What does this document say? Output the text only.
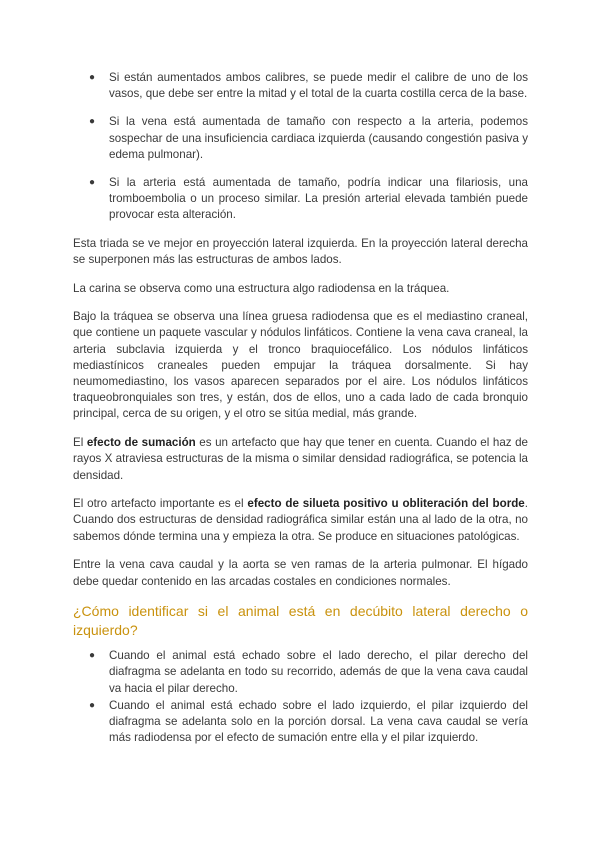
● Si están aumentados ambos calibres, se puede medir el calibre de uno de los vasos, que debe ser entre la mitad y el total de la cuarta costilla cerca de la base.
● Si la vena está aumentada de tamaño con respecto a la arteria, podemos sospechar de una insuficiencia cardiaca izquierda (causando congestión pasiva y edema pulmonar).
● Si la arteria está aumentada de tamaño, podría indicar una filariosis, una tromboembolia o un proceso similar. La presión arterial elevada también puede provocar esta alteración.

Esta triada se ve mejor en proyección lateral izquierda. En la proyección lateral derecha se superponen más las estructuras de ambos lados.

La carina se observa como una estructura algo radiodensa en la tráquea.

Bajo la tráquea se observa una línea gruesa radiodensa que es el mediastino craneal, que contiene un paquete vascular y nódulos linfáticos. Contiene la vena cava craneal, la arteria subclavia izquierda y el tronco braquiocefálico. Los nódulos linfáticos mediastínicos craneales pueden empujar la tráquea dorsalmente. Si hay neumomediastino, los vasos aparecen separados por el aire. Los nódulos linfáticos traqueobronquiales son tres, y están, dos de ellos, uno a cada lado de cada bronquio principal, cerca de su origen, y el otro se sitúa medial, más grande.

El efecto de sumación es un artefacto que hay que tener en cuenta. Cuando el haz de rayos X atraviesa estructuras de la misma o similar densidad radiográfica, se potencia la densidad.

El otro artefacto importante es el efecto de silueta positivo u obliteración del borde. Cuando dos estructuras de densidad radiográfica similar están una al lado de la otra, no sabemos dónde termina una y empieza la otra. Se produce en situaciones patológicas.

Entre la vena cava caudal y la aorta se ven ramas de la arteria pulmonar. El hígado debe quedar contenido en las arcadas costales en condiciones normales.

¿Cómo identificar si el animal está en decúbito lateral derecho o izquierdo?
● Cuando el animal está echado sobre el lado derecho, el pilar derecho del diafragma se adelanta en todo su recorrido, además de que la vena cava caudal va hacia el pilar derecho.
● Cuando el animal está echado sobre el lado izquierdo, el pilar izquierdo del diafragma se adelanta solo en la porción dorsal. La vena cava caudal se vería más radiodensa por el efecto de sumación entre ella y el pilar izquierdo.
